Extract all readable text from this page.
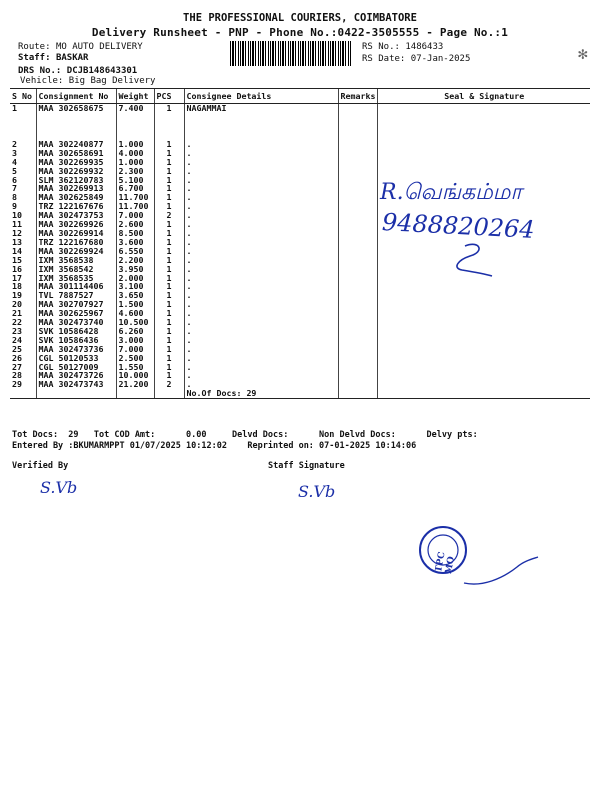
THE PROFESSIONAL COURIERS, COIMBATORE
Delivery Runsheet - PNP - Phone No.:0422-3505555 - Page No.:1
Route: MO AUTO DELIVERY
Staff: BASKAR
DRS No.: DCJB148643301
Vehicle: Big Bag Delivery
RS No.: 1486433
RS Date: 07-Jan-2025	✻
S No	Consignment No	Weight	PCS	Consignee Details	Remarks	Seal & Signature
1	MAA 302658675	7.400	1	NAGAMMAI		

2	MAA 302240877	1.000	1	.		
3	MAA 302658691	4.000	1	.		
4	MAA 302269935	1.000	1	.		
5	MAA 302269932	2.300	1	.		
6	SLM 362120783	5.100	1	.		
7	MAA 302269913	6.700	1	.		
8	MAA 302625849	11.700	1	.		
9	TRZ 122167676	11.700	1	.		
10	MAA 302473753	7.000	2	.		
11	MAA 302269926	2.600	1	.		
12	MAA 302269914	8.500	1	.		
13	TRZ 122167680	3.600	1	.		
14	MAA 302269924	6.550	1	.		
15	IXM 3568538	2.200	1	.		
16	IXM 3568542	3.950	1	.		
17	IXM 3568535	2.000	1	.		
18	MAA 301114406	3.100	1	.		
19	TVL 7887527	3.650	1	.		
20	MAA 302707927	1.500	1	.		
21	MAA 302625967	4.600	1	.		
22	MAA 302473740	10.500	1	.		
23	SVK 10586428	6.260	1	.		
24	SVK 10586436	3.000	1	.		
25	MAA 302473736	7.000	1	.		
26	CGL 50120533	2.500	1	.		
27	CGL 50127009	1.550	1	.		
28	MAA 302473726	10.000	1	.		
29	MAA 302473743	21.200	2	.		
				No.Of Docs: 29		
Tot Docs:  29   Tot COD Amt:      0.00     Delvd Docs:      Non Delvd Docs:      Delvy pts:
Entered By :BKUMARMPPT 01/07/2025 10:12:02    Reprinted on: 07-01-2025 10:14:06
Verified By	Staff Signature
R.வெங்கம்மா
9488820264
S.Vb	S.Vb
TPC MO
